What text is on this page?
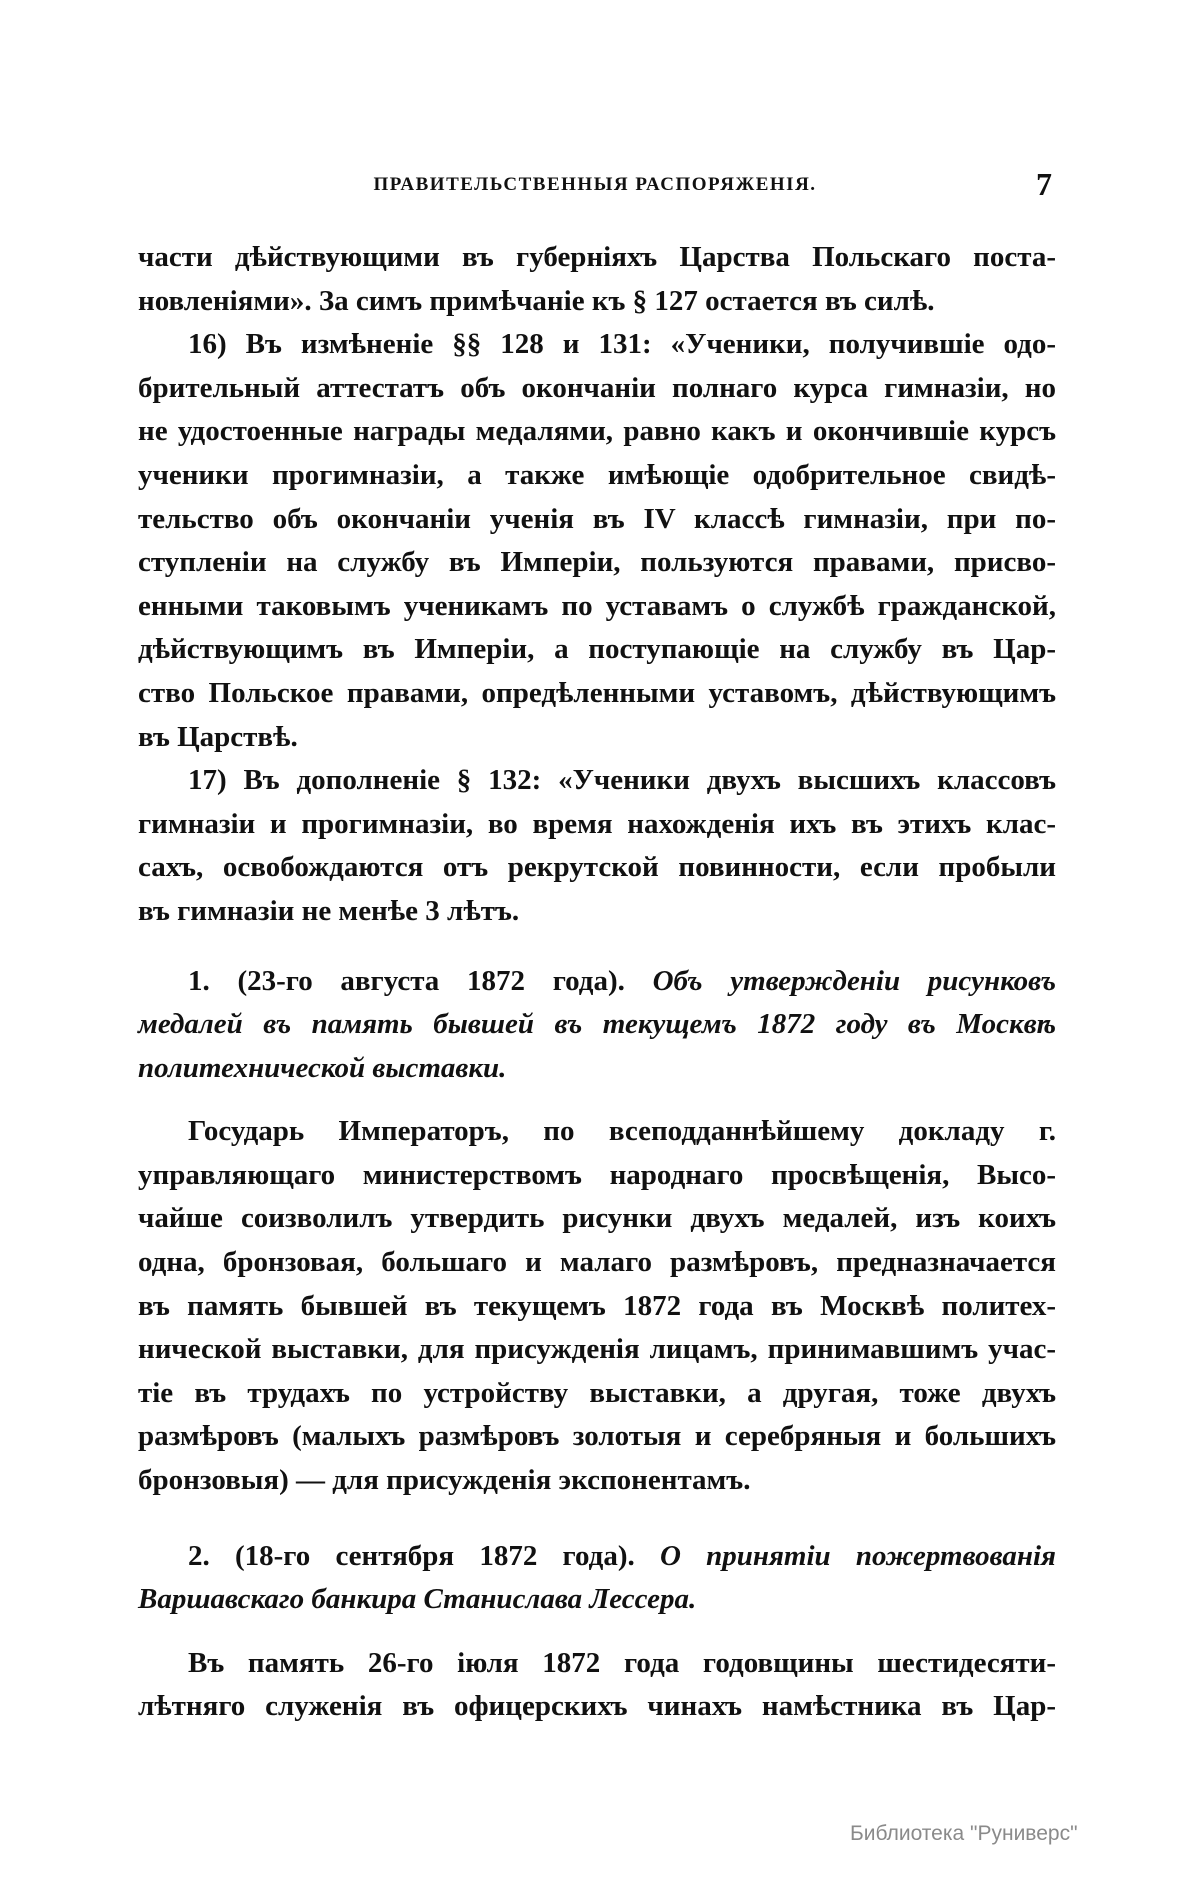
ПРАВИТЕЛЬСТВЕННЫЯ РАСПОРЯЖЕНІЯ.	7
части дѣйствующими въ губерніяхъ Царства Польскаго поста-
новленіями». За симъ примѣчаніе къ § 127 остается въ силѣ.
16) Въ измѣненіе §§ 128 и 131: «Ученики, получившіе одо-
брительный аттестатъ объ окончаніи полнаго курса гимназіи, но
не удостоенные награды медалями, равно какъ и окончившіе курсъ
ученики прогимназіи, а также имѣющіе одобрительное свидѣ-
тельство объ окончаніи ученія въ IV классѣ гимназіи, при по-
ступленіи на службу въ Имперіи, пользуются правами, присво-
енными таковымъ ученикамъ по уставамъ о службѣ гражданской,
дѣйствующимъ въ Имперіи, а поступающіе на службу въ Цар-
ство Польское правами, опредѣленными уставомъ, дѣйствующимъ
въ Царствѣ.
17) Въ дополненіе § 132: «Ученики двухъ высшихъ классовъ
гимназіи и прогимназіи, во время нахожденія ихъ въ этихъ клас-
сахъ, освобождаются отъ рекрутской повинности, если пробыли
въ гимназіи не менѣе 3 лѣтъ.
1. (23-го августа 1872 года). Объ утвержденіи рисунковъ
медалей въ память бывшей въ текущемъ 1872 году въ Москвѣ
политехнической выставки.
Государь Императоръ, по всеподданнѣйшему докладу г.
управляющаго министерствомъ народнаго просвѣщенія, Высо-
чайше соизволилъ утвердить рисунки двухъ медалей, изъ коихъ
одна, бронзовая, большаго и малаго размѣровъ, предназначается
въ память бывшей въ текущемъ 1872 года въ Москвѣ политех-
нической выставки, для присужденія лицамъ, принимавшимъ учас-
тіе въ трудахъ по устройству выставки, а другая, тоже двухъ
размѣровъ (малыхъ размѣровъ золотыя и серебряныя и большихъ
бронзовыя) — для присужденія экспонентамъ.
2. (18-го сентября 1872 года). О принятіи пожертвованія
Варшавскаго банкира Станислава Лессера.
Въ память 26-го іюля 1872 года годовщины шестидесяти-
лѣтняго служенія въ офицерскихъ чинахъ намѣстника въ Цар-
Библиотека "Руниверс"
